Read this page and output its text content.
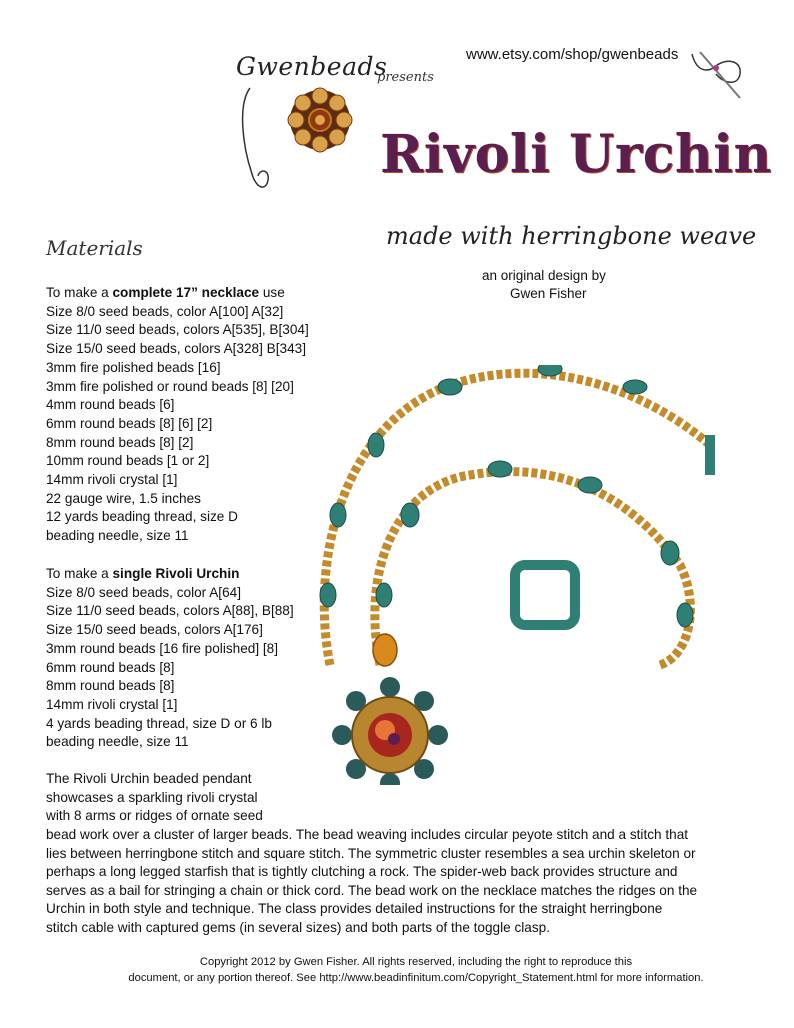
Gwenbeads
presents
www.etsy.com/shop/gwenbeads
Rivoli Urchin
made with herringbone weave
an original design by
Gwen Fisher
Materials
To make a complete 17” necklace use
Size 8/0 seed beads, color A[100] A[32]
Size 11/0 seed beads, colors A[535], B[304]
Size 15/0 seed beads, colors A[328] B[343]
3mm fire polished beads [16]
3mm fire polished or round beads [8] [20]
4mm round beads [6]
6mm round beads [8] [6] [2]
8mm round beads [8] [2]
10mm round beads [1 or 2]
14mm rivoli crystal [1]
22 gauge wire, 1.5 inches
12 yards beading thread, size D
beading needle, size 11
To make a single Rivoli Urchin
Size 8/0 seed beads, color A[64]
Size 11/0 seed beads, colors A[88], B[88]
Size 15/0 seed beads, colors A[176]
3mm round beads [16 fire polished] [8]
6mm round beads [8]
8mm round beads [8]
14mm rivoli crystal [1]
4 yards beading thread, size D or 6 lb
beading needle, size 11
The Rivoli Urchin beaded pendant
showcases a sparkling rivoli crystal
with 8 arms or ridges of ornate seed
bead work over a cluster of larger beads. The bead weaving includes circular peyote stitch and a stitch that
lies between herringbone stitch and square stitch. The symmetric cluster resembles a sea urchin skeleton or
perhaps a long legged starfish that is tightly clutching a rock. The spider-web back provides structure and
serves as a bail for stringing a chain or thick cord. The bead work on the necklace matches the ridges on the
Urchin in both style and technique. The class provides detailed instructions for the straight herringbone
stitch cable with captured gems (in several sizes) and both parts of the toggle clasp.
Copyright 2012 by Gwen Fisher. All rights reserved, including the right to reproduce this
document, or any portion thereof. See http://www.beadinfinitum.com/Copyright_Statement.html for more information.
